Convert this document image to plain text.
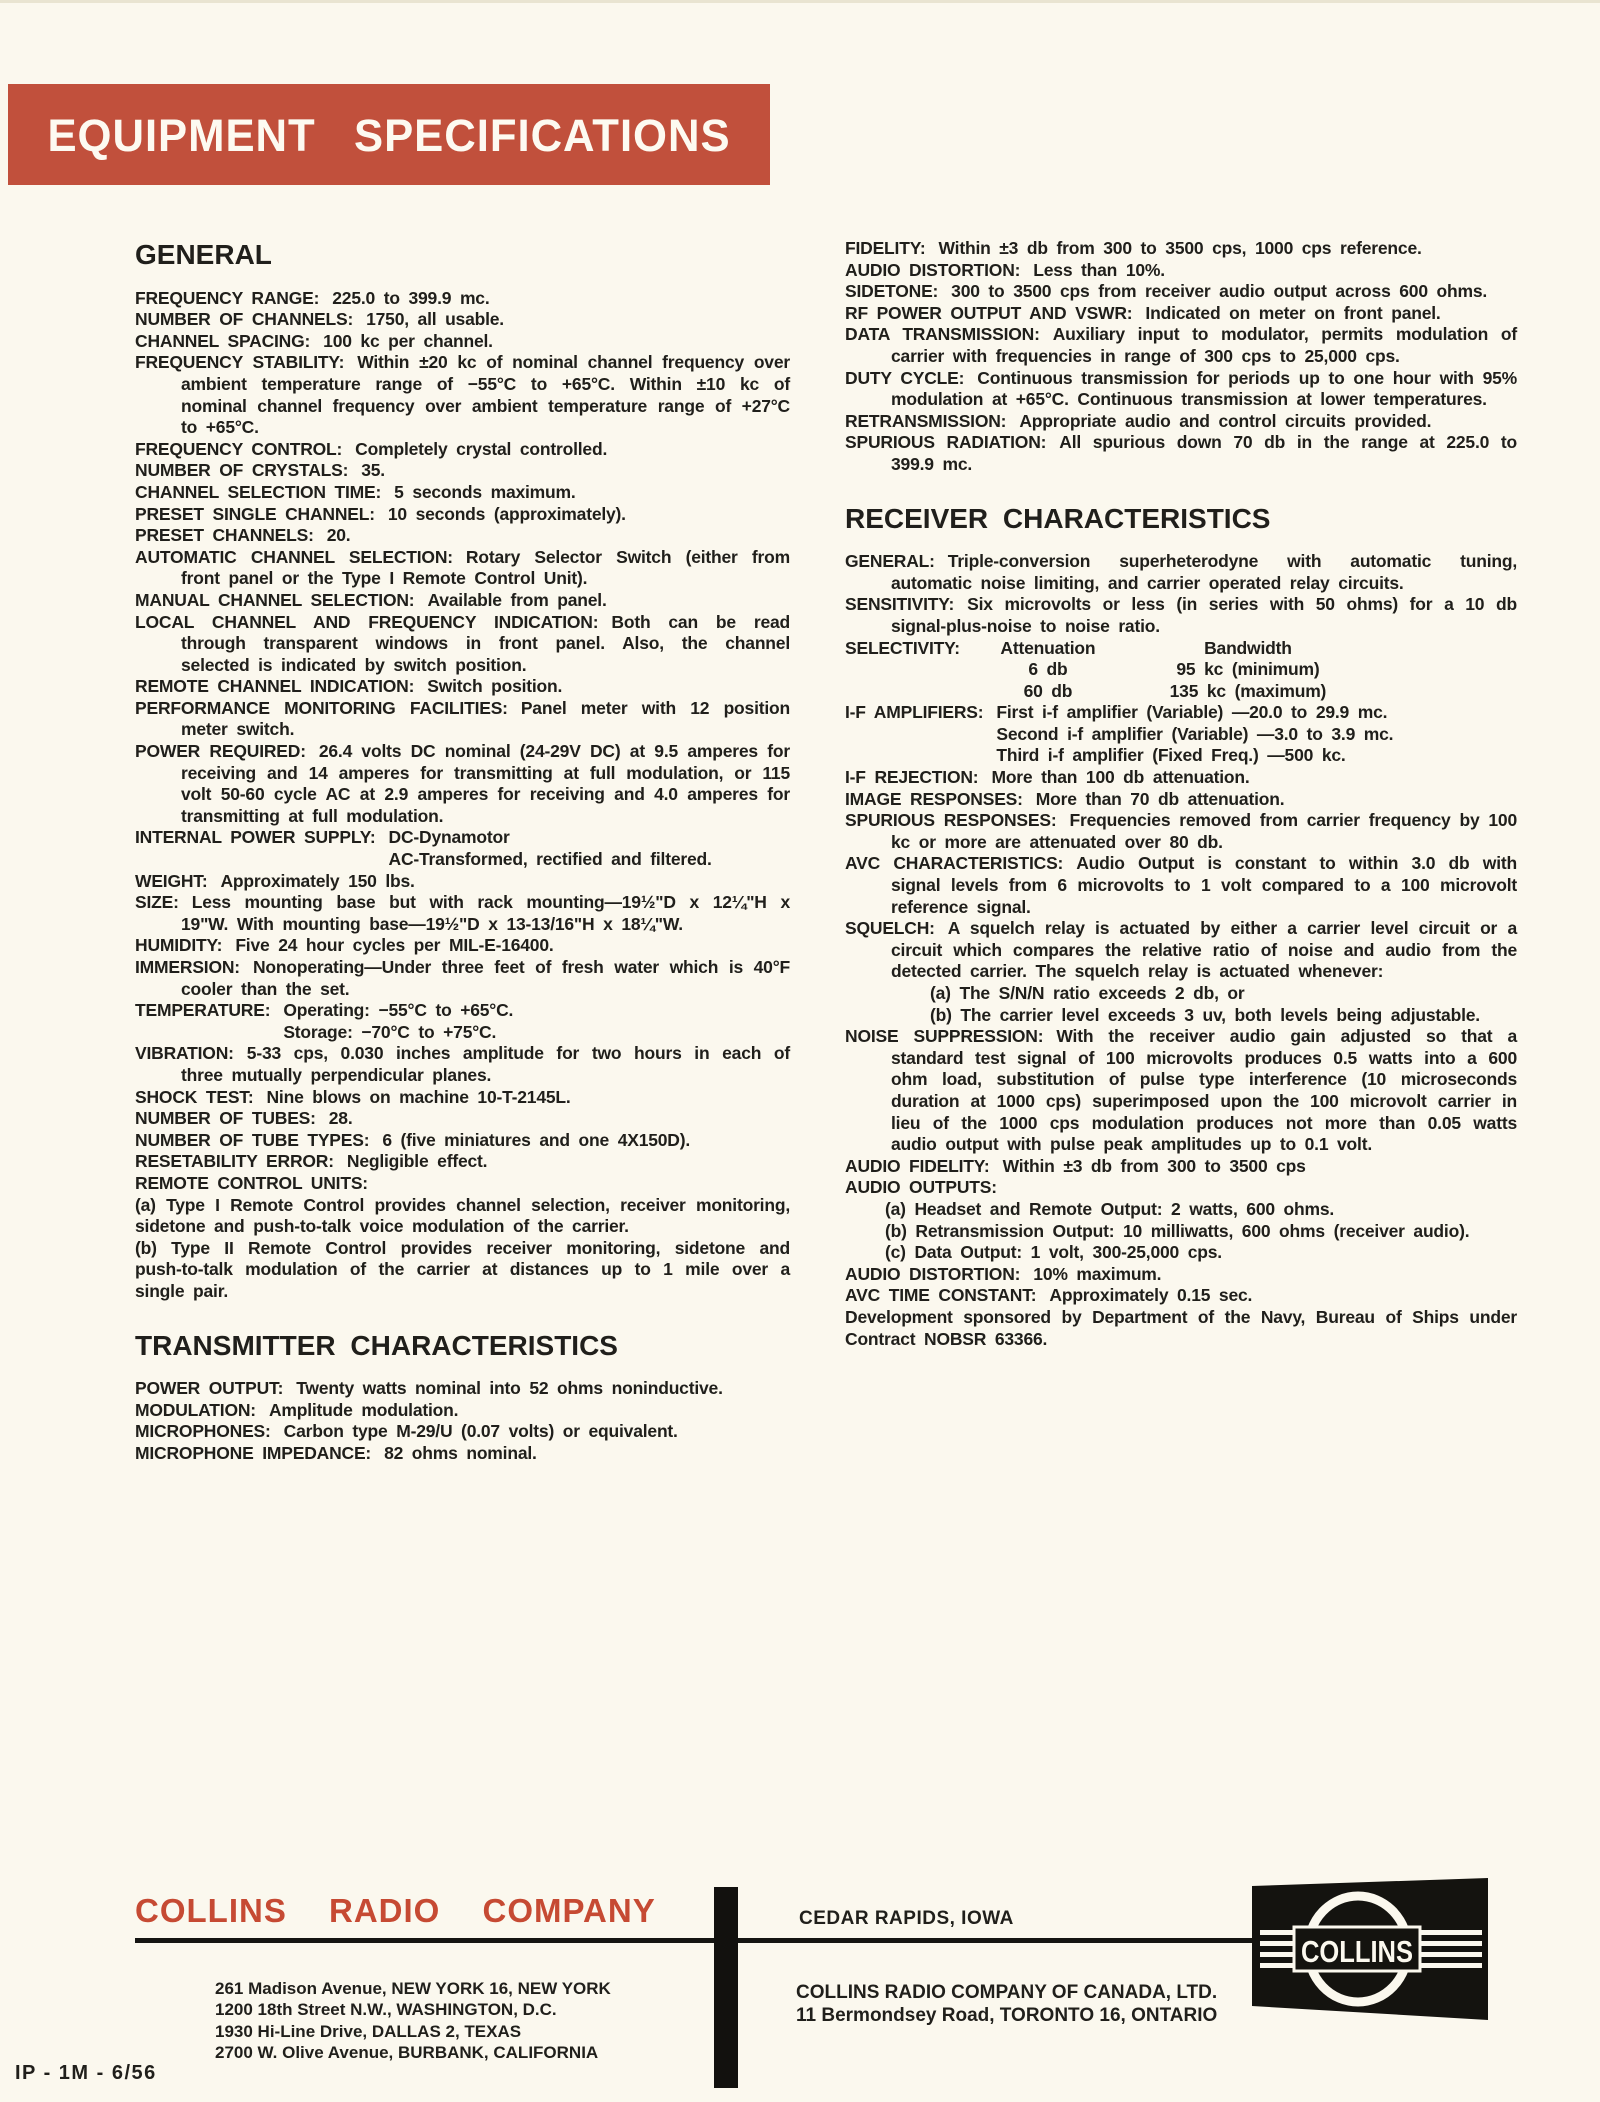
EQUIPMENT SPECIFICATIONS
GENERAL

FREQUENCY RANGE: 225.0 to 399.9 mc.

NUMBER OF CHANNELS: 1750, all usable.

CHANNEL SPACING: 100 kc per channel.

FREQUENCY STABILITY: Within ±20 kc of nominal channel frequency over ambient temperature range of −55°C to +65°C. Within ±10 kc of nominal channel frequency over ambient temperature range of +27°C to +65°C.

FREQUENCY CONTROL: Completely crystal controlled.

NUMBER OF CRYSTALS: 35.

CHANNEL SELECTION TIME: 5 seconds maximum.

PRESET SINGLE CHANNEL: 10 seconds (approximately).

PRESET CHANNELS: 20.

AUTOMATIC CHANNEL SELECTION: Rotary Selector Switch (either from front panel or the Type I Remote Control Unit).

MANUAL CHANNEL SELECTION: Available from panel.

LOCAL CHANNEL AND FREQUENCY INDICATION: Both can be read through transparent windows in front panel. Also, the channel selected is indicated by switch position.

REMOTE CHANNEL INDICATION: Switch position.

PERFORMANCE MONITORING FACILITIES: Panel meter with 12 position meter switch.

POWER REQUIRED: 26.4 volts DC nominal (24-29V DC) at 9.5 amperes for receiving and 14 amperes for transmitting at full modulation, or 115 volt 50-60 cycle AC at 2.9 amperes for receiving and 4.0 amperes for transmitting at full modulation.

INTERNAL POWER SUPPLY: DC-Dynamotor
AC-Transformed, rectified and filtered.

WEIGHT: Approximately 150 lbs.

SIZE: Less mounting base but with rack mounting—19½"D x 12¼"H x 19"W. With mounting base—19½"D x 13-13/16"H x 18¼"W.

HUMIDITY: Five 24 hour cycles per MIL-E-16400.

IMMERSION: Nonoperating—Under three feet of fresh water which is 40°F cooler than the set.

TEMPERATURE: Operating: −55°C to +65°C.
Storage: −70°C to +75°C.

VIBRATION: 5-33 cps, 0.030 inches amplitude for two hours in each of three mutually perpendicular planes.

SHOCK TEST: Nine blows on machine 10-T-2145L.

NUMBER OF TUBES: 28.

NUMBER OF TUBE TYPES: 6 (five miniatures and one 4X150D).

RESETABILITY ERROR: Negligible effect.

REMOTE CONTROL UNITS:

(a) Type I Remote Control provides channel selection, receiver monitoring, sidetone and push-to-talk voice modulation of the carrier.

(b) Type II Remote Control provides receiver monitoring, sidetone and push-to-talk modulation of the carrier at distances up to 1 mile over a single pair.

TRANSMITTER CHARACTERISTICS

POWER OUTPUT: Twenty watts nominal into 52 ohms noninductive.

MODULATION: Amplitude modulation.

MICROPHONES: Carbon type M-29/U (0.07 volts) or equivalent.

MICROPHONE IMPEDANCE: 82 ohms nominal.

FIDELITY: Within ±3 db from 300 to 3500 cps, 1000 cps reference.

AUDIO DISTORTION: Less than 10%.

SIDETONE: 300 to 3500 cps from receiver audio output across 600 ohms.

RF POWER OUTPUT AND VSWR: Indicated on meter on front panel.

DATA TRANSMISSION: Auxiliary input to modulator, permits modulation of carrier with frequencies in range of 300 cps to 25,000 cps.

DUTY CYCLE: Continuous transmission for periods up to one hour with 95% modulation at +65°C. Continuous transmission at lower temperatures.

RETRANSMISSION: Appropriate audio and control circuits provided.

SPURIOUS RADIATION: All spurious down 70 db in the range at 225.0 to 399.9 mc.

RECEIVER CHARACTERISTICS

GENERAL: Triple-conversion superheterodyne with automatic tuning, automatic noise limiting, and carrier operated relay circuits.

SENSITIVITY: Six microvolts or less (in series with 50 ohms) for a 10 db signal-plus-noise to noise ratio.

SELECTIVITY:	Attenuation
6 db
60 db
Bandwidth
95 kc (minimum)
135 kc (maximum)
I-F AMPLIFIERS: First i-f amplifier (Variable) —20.0 to 29.9 mc.
Second i-f amplifier (Variable) —3.0 to 3.9 mc.
Third i-f amplifier (Fixed Freq.) —500 kc.

I-F REJECTION: More than 100 db attenuation.

IMAGE RESPONSES: More than 70 db attenuation.

SPURIOUS RESPONSES: Frequencies removed from carrier frequency by 100 kc or more are attenuated over 80 db.

AVC CHARACTERISTICS: Audio Output is constant to within 3.0 db with signal levels from 6 microvolts to 1 volt compared to a 100 microvolt reference signal.

SQUELCH: A squelch relay is actuated by either a carrier level circuit or a circuit which compares the relative ratio of noise and audio from the detected carrier. The squelch relay is actuated whenever:

(a) The S/N/N ratio exceeds 2 db, or

(b) The carrier level exceeds 3 uv, both levels being adjustable.

NOISE SUPPRESSION: With the receiver audio gain adjusted so that a standard test signal of 100 microvolts produces 0.5 watts into a 600 ohm load, substitution of pulse type interference (10 microseconds duration at 1000 cps) superimposed upon the 100 microvolt carrier in lieu of the 1000 cps modulation produces not more than 0.05 watts audio output with pulse peak amplitudes up to 0.1 volt.

AUDIO FIDELITY: Within ±3 db from 300 to 3500 cps

AUDIO OUTPUTS:

(a) Headset and Remote Output: 2 watts, 600 ohms.

(b) Retransmission Output: 10 milliwatts, 600 ohms (receiver audio).

(c) Data Output: 1 volt, 300-25,000 cps.

AUDIO DISTORTION: 10% maximum.

AVC TIME CONSTANT: Approximately 0.15 sec.

Development sponsored by Department of the Navy, Bureau of Ships under Contract NOBSR 63366.

COLLINS RADIO COMPANY
261 Madison Avenue, NEW YORK 16, NEW YORK
1200 18th Street N.W., WASHINGTON, D.C.
1930 Hi-Line Drive, DALLAS 2, TEXAS
2700 W. Olive Avenue, BURBANK, CALIFORNIA
CEDAR RAPIDS, IOWA
COLLINS RADIO COMPANY OF CANADA, LTD.
11 Bermondsey Road, TORONTO 16, ONTARIO
COLLINS
IP - 1M - 6/56
